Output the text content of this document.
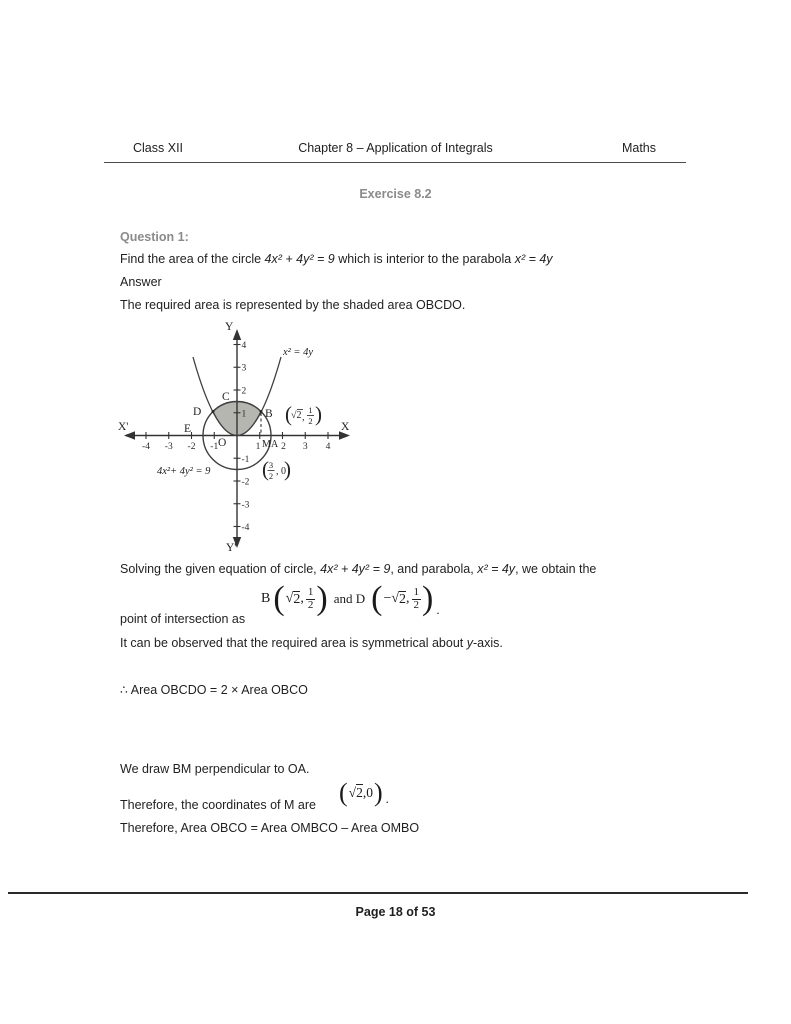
Class XII	Chapter 8 – Application of Integrals	Maths
Exercise 8.2
Question 1:
Find the area of the circle 4x² + 4y² = 9 which is interior to the parabola x² = 4y
Answer
The required area is represented by the shaded area OBCDO.
Y
Y'
X
X'
-4 -3 -2 -1	1 2 3 4
4
3
2
1
-1
-2
-3
-4
C
D	B
E
O	M A
x² = 4y
4x²+ 4y² = 9
( √2 ,
1
2 )
( 3
2 , 0
)
Solving the given equation of circle, 4x² + 4y² = 9, and parabola, x² = 4y, we obtain the
point of intersection as
B ( √ 2 , $\frac{1}{2}$ ) and D ( −√ 2 , $\frac{1}{2}$ ) .
It can be observed that the required area is symmetrical about y-axis.
∴ Area OBCDO = 2 × Area OBCO
We draw BM perpendicular to OA.
Therefore, the coordinates of M are ( √ 2 ,0 ) .
Therefore, Area OBCO = Area OMBCO – Area OMBO
Page 18 of 53
